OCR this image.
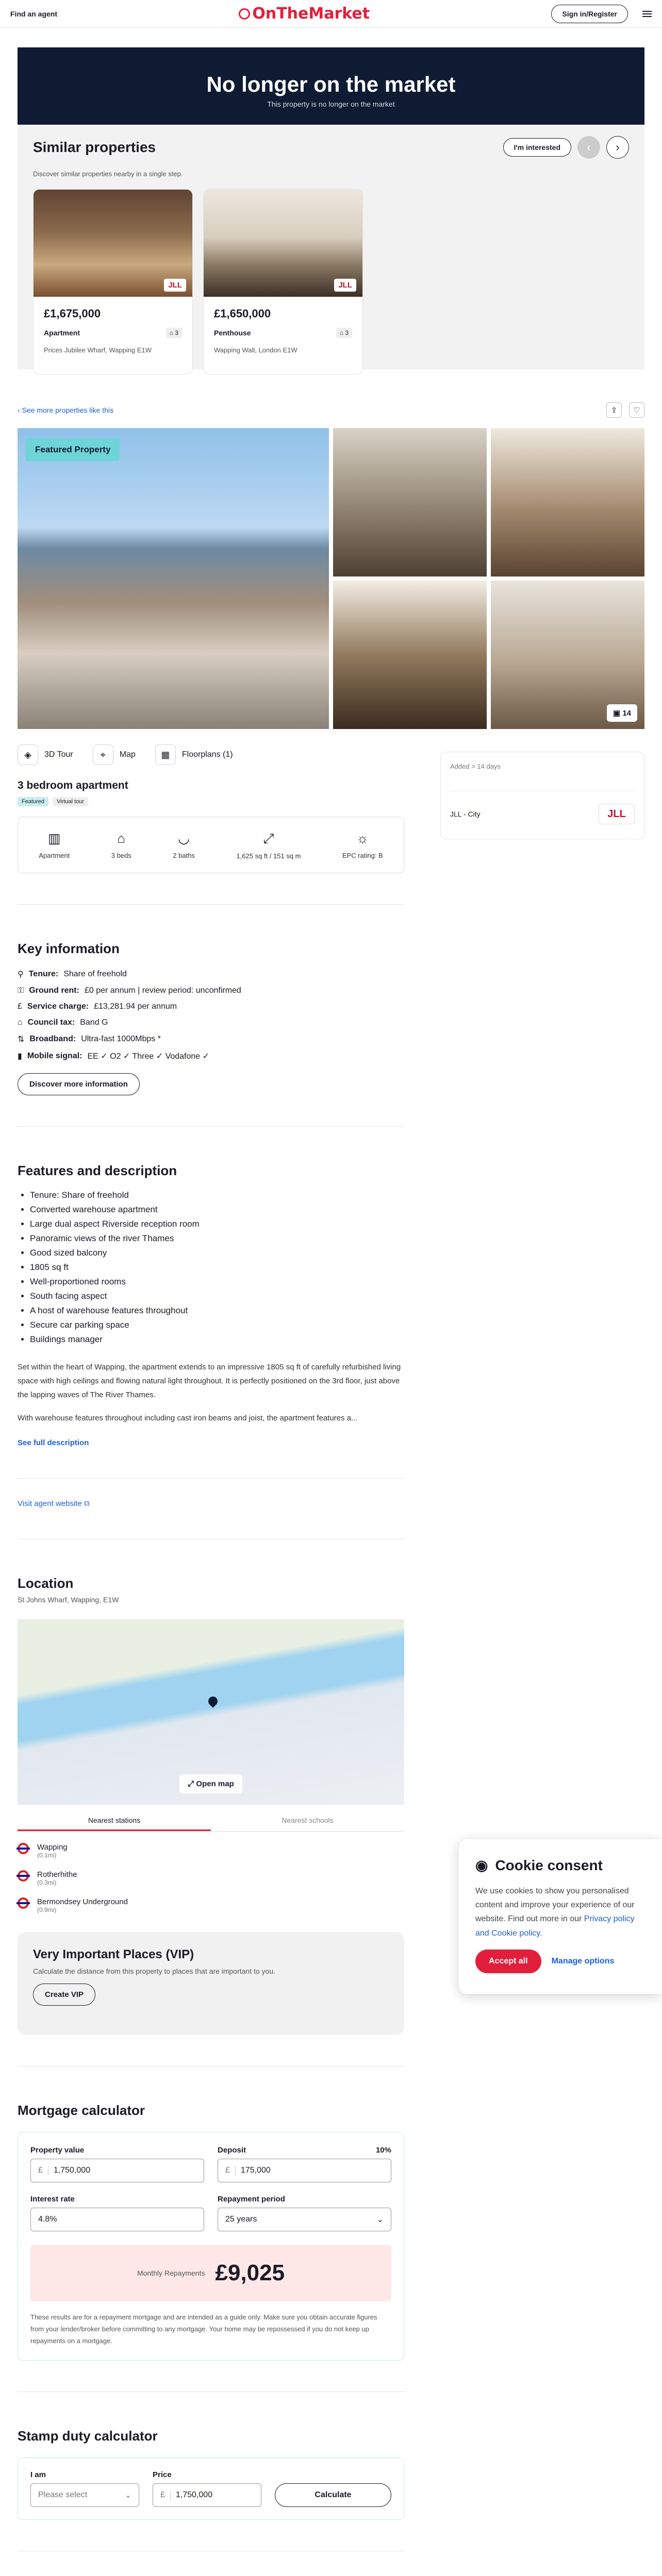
Find an agent	OnTheMarket	Sign in/Register
No longer on the market

This property is no longer on the market

Similar properties	I'm interested	‹	›
Discover similar properties nearby in a single step.
JLL
£1,675,000
Apartment	⌂ 3
Prices Jubilee Wharf, Wapping E1W
JLL
£1,650,000
Penthouse	⌂ 3
Wapping Wall, London E1W
‹ See more properties like this	⇪	♡
Featured Property
▣ 14
◈	3D Tour	⌖	Map	▦	Floorplans (1)
3 bedroom apartment
Featured	Virtual tour
▥
Apartment
⌂
3 beds
◡
2 baths
⤢
1,625 sq ft / 151 sq m
☼
EPC rating: B
Key information
⚲ Tenure: Share of freehold
⚿ Ground rent: £0 per annum | review period: unconfirmed
£ Service charge: £13,281.94 per annum
⌂ Council tax: Band G
⇅ Broadband: Ultra-fast 1000Mbps *
▮ Mobile signal: EE ✓ O2 ✓ Three ✓ Vodafone ✓
Discover more information
Features and description
• Tenure: Share of freehold
• Converted warehouse apartment
• Large dual aspect Riverside reception room
• Panoramic views of the river Thames
• Good sized balcony
• 1805 sq ft
• Well-proportioned rooms
• South facing aspect
• A host of warehouse features throughout
• Secure car parking space
• Buildings manager

Set within the heart of Wapping, the apartment extends to an impressive 1805 sq ft of carefully refurbished living space with high ceilings and flowing natural light throughout. It is perfectly positioned on the 3rd floor, just above the lapping waves of The River Thames.

With warehouse features throughout including cast iron beams and joist, the apartment features a...

See full description
Visit agent website ⧉
Location
St Johns Wharf, Wapping, E1W
⤢ Open map
Nearest stations	Nearest schools
Wapping
(0.1mi)
Rotherhithe
(0.3mi)
Bermondsey Underground
(0.9mi)
Very Important Places (VIP)

Calculate the distance from this property to places that are important to you.

Create VIP
Mortgage calculator
Property value
£	1,750,000
Deposit	10%
£	175,000
Interest rate
4.8%
Repayment period
25 years	⌄
Monthly Repayments £9,025

These results are for a repayment mortgage and are intended as a guide only. Make sure you obtain accurate figures from your lender/broker before committing to any mortgage. Your home may be repossessed if you do not keep up repayments on a mortgage.

Stamp duty calculator
I am
Please select	⌄
Price
£	1,750,000	Calculate

Added > 14 days
JLL - City	JLL
◉ Cookie consent

We use cookies to show you personalised content and improve your experience of our website. Find out more in our Privacy policy and Cookie policy.

Accept all	Manage options
